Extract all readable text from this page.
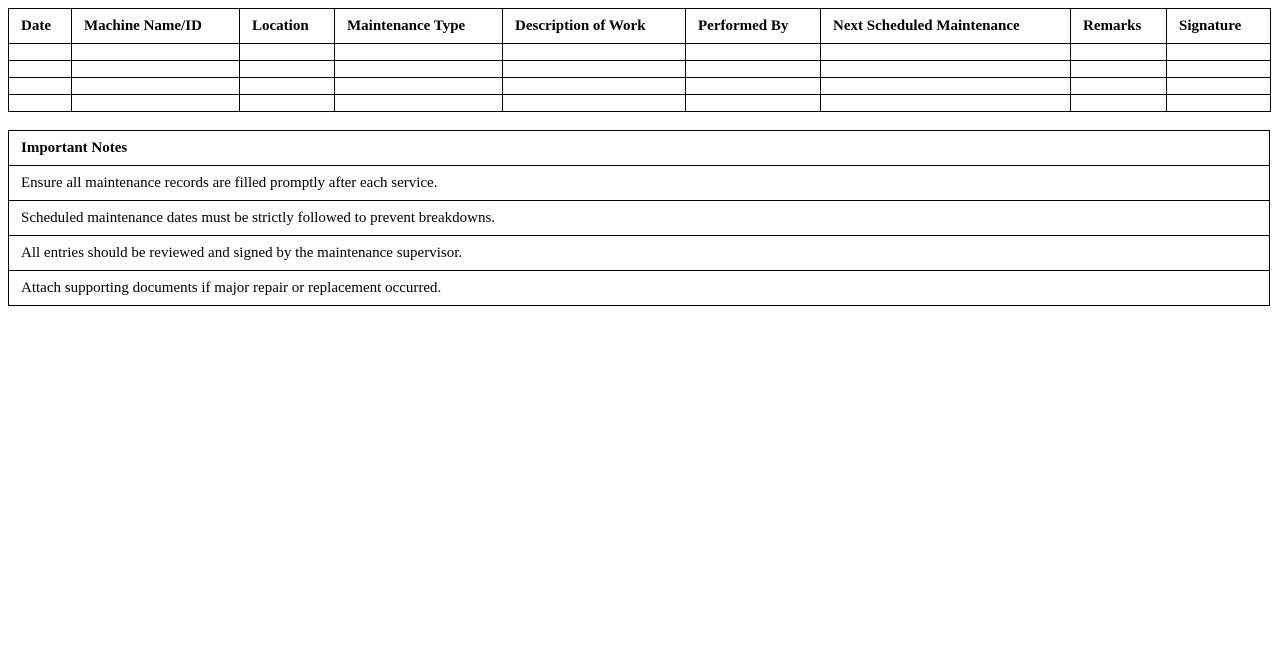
Date	Machine Name/ID	Location	Maintenance Type	Description of Work	Performed By	Next Scheduled Maintenance	Remarks	Signature

Important Notes
Ensure all maintenance records are filled promptly after each service.
Scheduled maintenance dates must be strictly followed to prevent breakdowns.
All entries should be reviewed and signed by the maintenance supervisor.
Attach supporting documents if major repair or replacement occurred.
